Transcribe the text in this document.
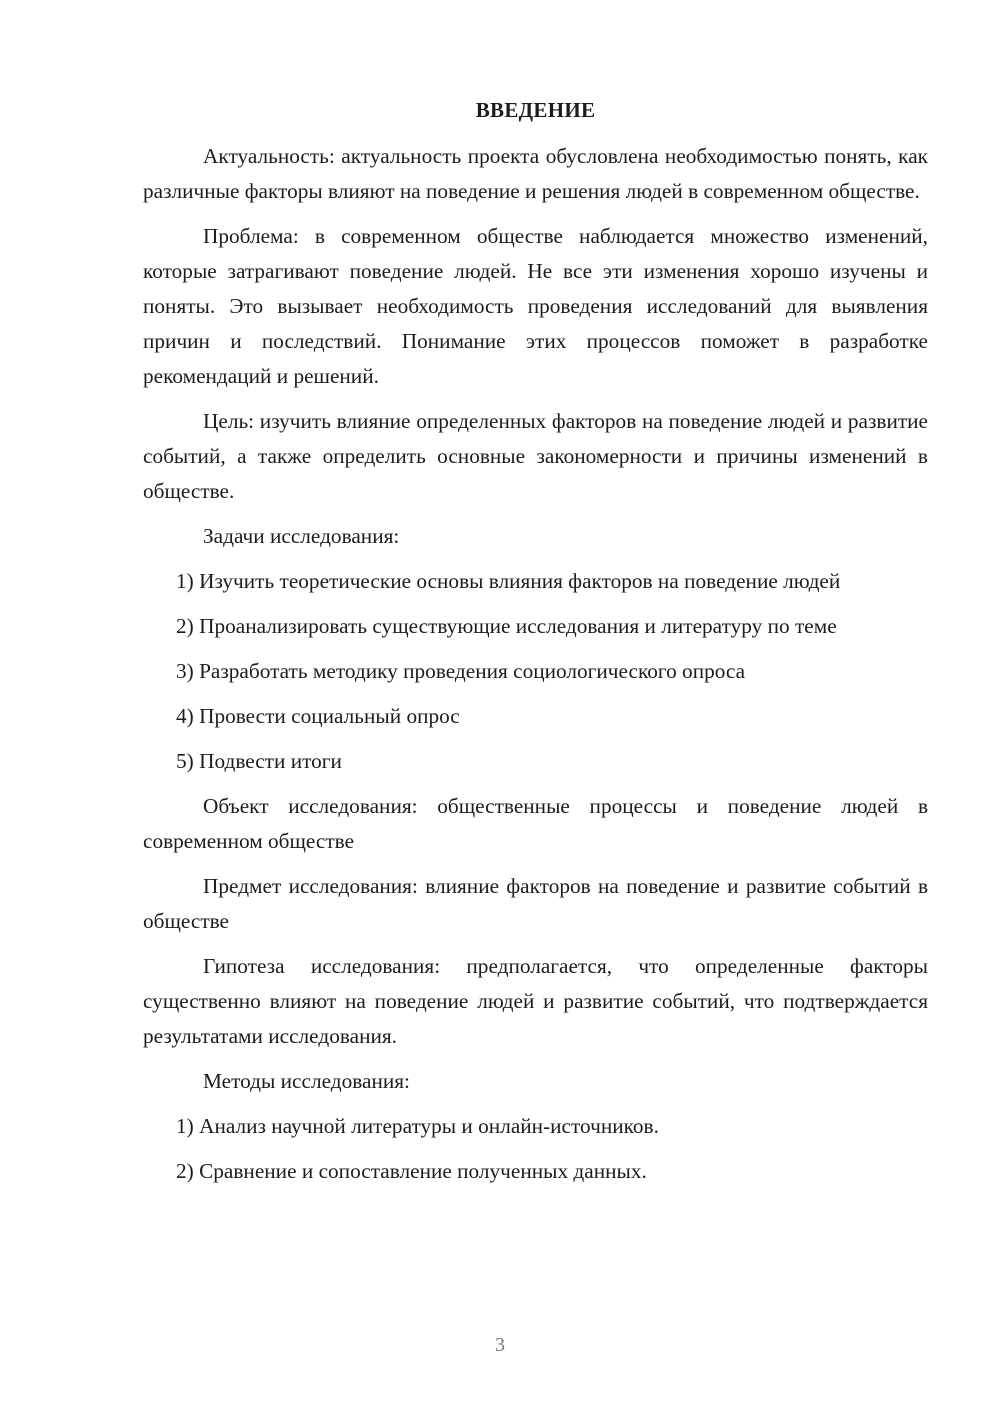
ВВЕДЕНИЕ

Актуальность: актуальность проекта обусловлена необходимостью понять, как различные факторы влияют на поведение и решения людей в современном обществе.

Проблема: в современном обществе наблюдается множество изменений, которые затрагивают поведение людей. Не все эти изменения хорошо изучены и поняты. Это вызывает необходимость проведения исследований для выявления причин и последствий. Понимание этих процессов поможет в разработке рекомендаций и решений.

Цель: изучить влияние определенных факторов на поведение людей и развитие событий, а также определить основные закономерности и причины изменений в обществе.

Задачи исследования:

1) Изучить теоретические основы влияния факторов на поведение людей

2) Проанализировать существующие исследования и литературу по теме

3) Разработать методику проведения социологического опроса

4) Провести социальный опрос

5) Подвести итоги

Объект исследования: общественные процессы и поведение людей в современном обществе

Предмет исследования: влияние факторов на поведение и развитие событий в обществе

Гипотеза исследования: предполагается, что определенные факторы существенно влияют на поведение людей и развитие событий, что подтверждается результатами исследования.

Методы исследования:

1) Анализ научной литературы и онлайн-источников.

2) Сравнение и сопоставление полученных данных.

3
